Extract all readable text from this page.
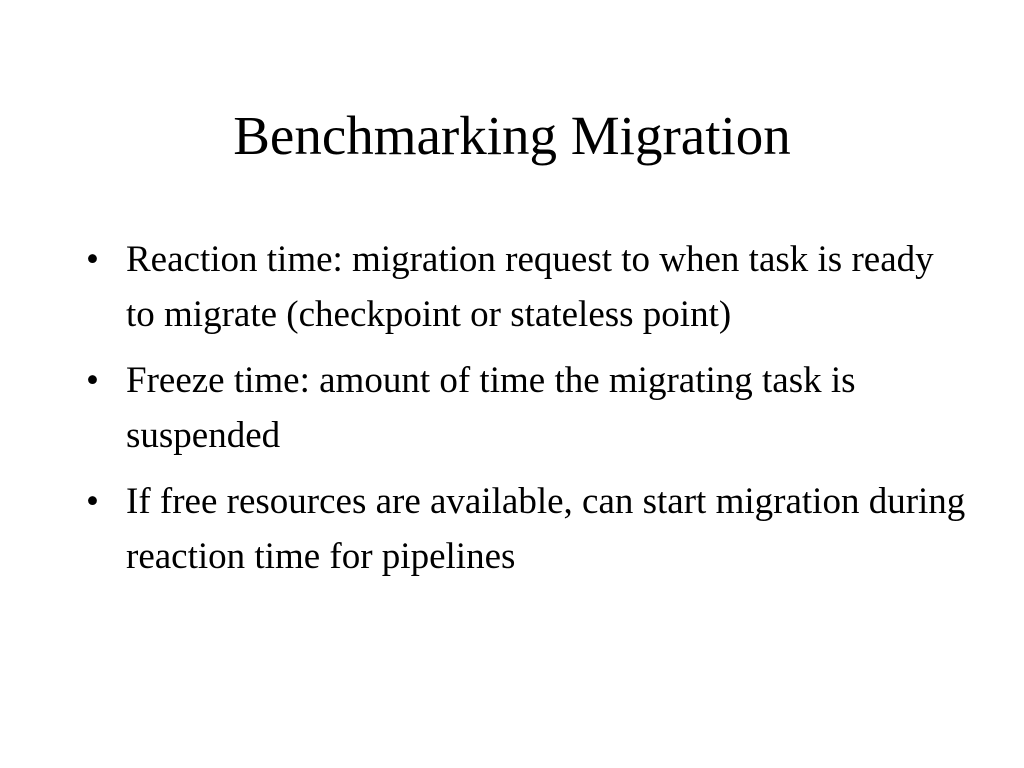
Benchmarking Migration
• Reaction time: migration request to when task is ready to migrate (checkpoint or stateless point)
• Freeze time: amount of time the migrating task is suspended
• If free resources are available, can start migration during reaction time for pipelines
